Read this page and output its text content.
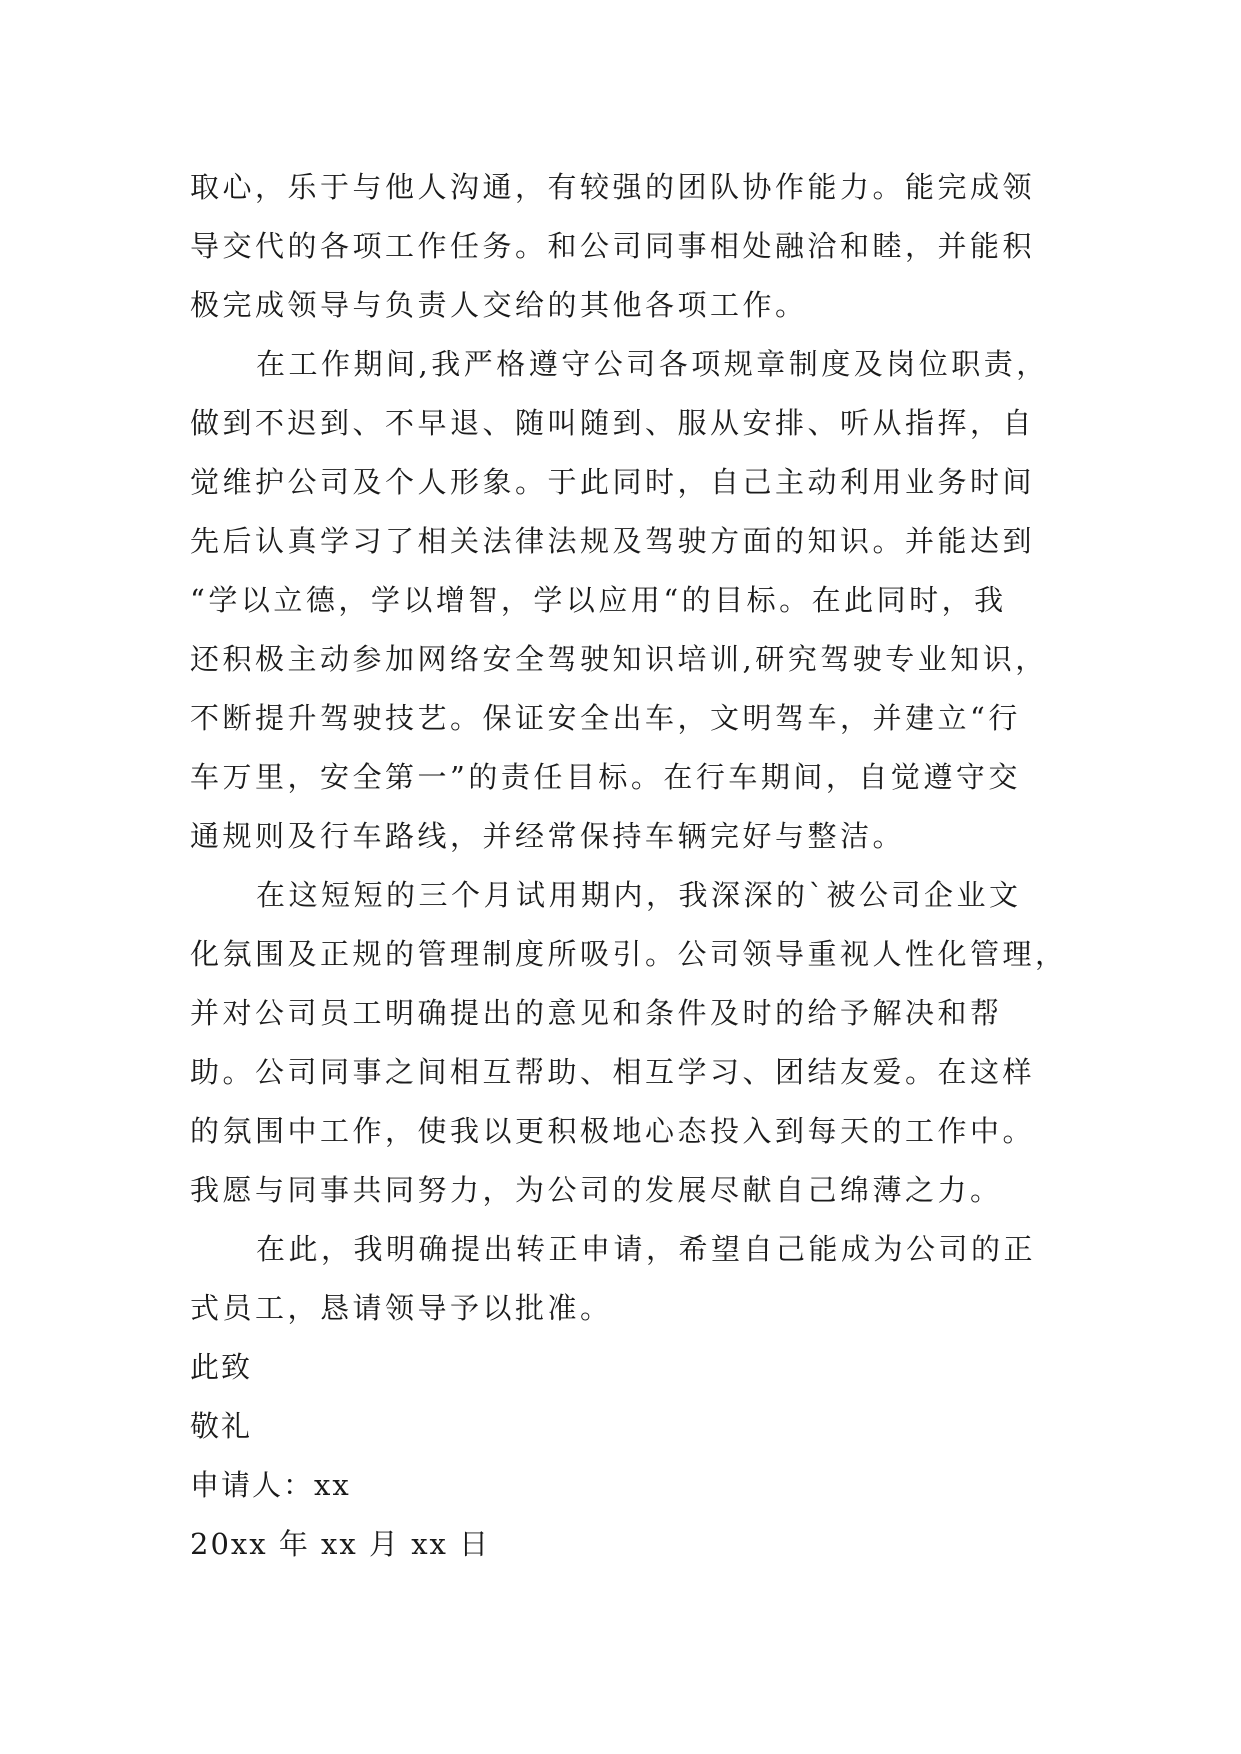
取心，乐于与他人沟通，有较强的团队协作能力。能完成领
导交代的各项工作任务。和公司同事相处融洽和睦，并能积
极完成领导与负责人交给的其他各项工作。
在工作期间,我严格遵守公司各项规章制度及岗位职责，
做到不迟到、不早退、随叫随到、服从安排、听从指挥，自
觉维护公司及个人形象。于此同时，自己主动利用业务时间
先后认真学习了相关法律法规及驾驶方面的知识。并能达到
“学以立德，学以增智，学以应用“的目标。在此同时，我
还积极主动参加网络安全驾驶知识培训,研究驾驶专业知识，
不断提升驾驶技艺。保证安全出车，文明驾车，并建立“行
车万里，安全第一”的责任目标。在行车期间，自觉遵守交
通规则及行车路线，并经常保持车辆完好与整洁。
在这短短的三个月试用期内，我深深的`被公司企业文
化氛围及正规的管理制度所吸引。公司领导重视人性化管理，
并对公司员工明确提出的意见和条件及时的给予解决和帮
助。公司同事之间相互帮助、相互学习、团结友爱。在这样
的氛围中工作，使我以更积极地心态投入到每天的工作中。
我愿与同事共同努力，为公司的发展尽献自己绵薄之力。
在此，我明确提出转正申请，希望自己能成为公司的正
式员工，恳请领导予以批准。
此致
敬礼
申请人：xx
20xx 年 xx 月 xx 日
